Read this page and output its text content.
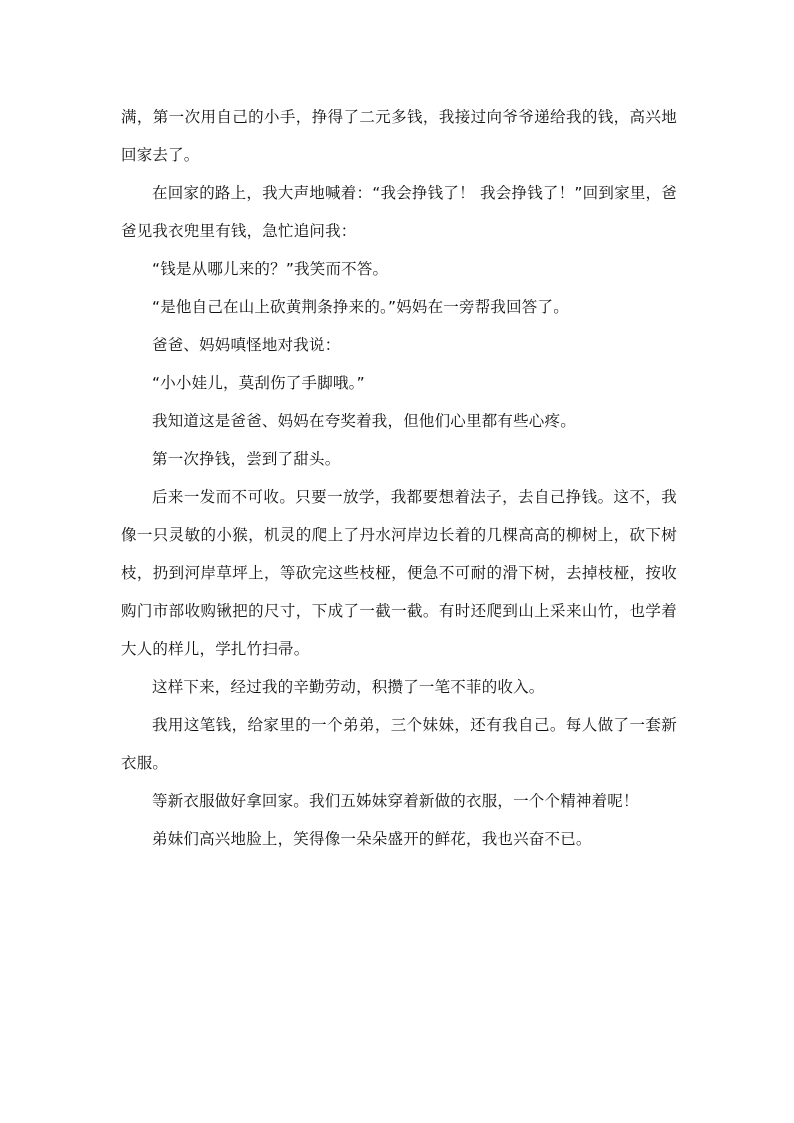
满，第一次用自己的小手，挣得了二元多钱，我接过向爷爷递给我的钱，高兴地回家去了。

在回家的路上，我大声地喊着：“我会挣钱了！ 我会挣钱了！”回到家里，爸爸见我衣兜里有钱，急忙追问我：

“钱是从哪儿来的？”我笑而不答。

“是他自己在山上砍黄荆条挣来的。”妈妈在一旁帮我回答了。

爸爸、妈妈嗔怪地对我说：

“小小娃儿，莫刮伤了手脚哦。”

我知道这是爸爸、妈妈在夸奖着我，但他们心里都有些心疼。

第一次挣钱，尝到了甜头。

后来一发而不可收。只要一放学，我都要想着法子，去自己挣钱。这不，我像一只灵敏的小猴，机灵的爬上了丹水河岸边长着的几棵高高的柳树上，砍下树枝，扔到河岸草坪上，等砍完这些枝桠，便急不可耐的滑下树，去掉枝桠，按收购门市部收购锹把的尺寸，下成了一截一截。有时还爬到山上采来山竹，也学着大人的样儿，学扎竹扫帚。

这样下来，经过我的辛勤劳动，积攒了一笔不菲的收入。

我用这笔钱，给家里的一个弟弟，三个妹妹，还有我自己。每人做了一套新衣服。

等新衣服做好拿回家。我们五姊妹穿着新做的衣服，一个个精神着呢！

弟妹们高兴地脸上，笑得像一朵朵盛开的鲜花，我也兴奋不已。
